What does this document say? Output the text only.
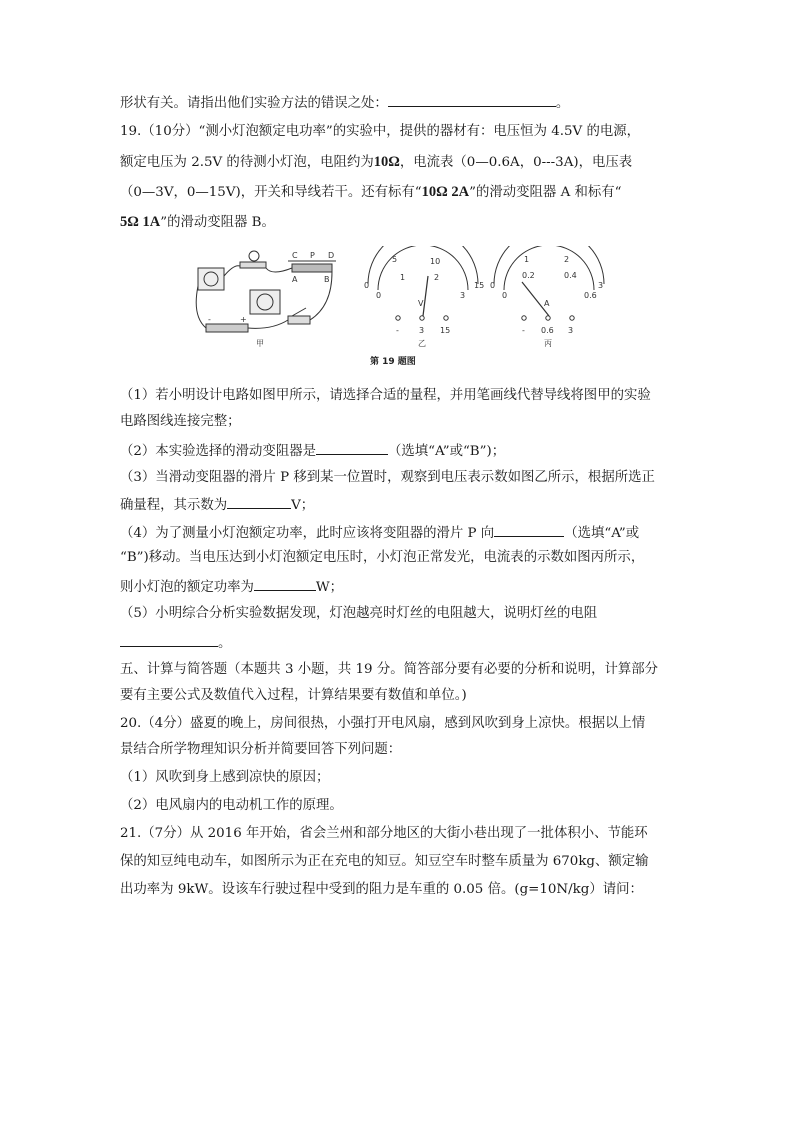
形状有关。请指出他们实验方法的错误之处：	。
19.（10分）“测小灯泡额定电功率”的实验中，提供的器材有：电压恒为 4.5V 的电源，
额定电压为 2.5V 的待测小灯泡，电阻约为10Ω，电流表（0—0.6A，0---3A)，电压表
（0—3V，0—15V)，开关和导线若干。还有标有“10Ω 2A”的滑动变阻器 A 和标有“
5Ω 1A”的滑动变阻器 B。
C P D
A	B
-	+
甲
0
5	10
15
0
1	2
3
V
-	3 15
乙
0
1	2
3
0
0.2	0.4
0.6
A
- 0.6 3
丙
第 19 题图
（1）若小明设计电路如图甲所示，请选择合适的量程，并用笔画线代替导线将图甲的实验
电路图线连接完整；
（2）本实验选择的滑动变阻器是	（选填“A”或“B”)；
（3）当滑动变阻器的滑片 P 移到某一位置时，观察到电压表示数如图乙所示，根据所选正
确量程，其示数为	V；
（4）为了测量小灯泡额定功率，此时应该将变阻器的滑片 P 向	（选填“A”或
“B”)移动。当电压达到小灯泡额定电压时，小灯泡正常发光，电流表的示数如图丙所示，
则小灯泡的额定功率为	W；
（5）小明综合分析实验数据发现，灯泡越亮时灯丝的电阻越大，说明灯丝的电阻
。
五、计算与简答题（本题共 3 小题，共 19 分。简答部分要有必要的分析和说明，计算部分
要有主要公式及数值代入过程，计算结果要有数值和单位。)
20.（4分）盛夏的晚上，房间很热，小强打开电风扇，感到风吹到身上凉快。根据以上情
景结合所学物理知识分析并简要回答下列问题：
（1）风吹到身上感到凉快的原因；
（2）电风扇内的电动机工作的原理。
21.（7分）从 2016 年开始，省会兰州和部分地区的大街小巷出现了一批体积小、节能环
保的知豆纯电动车，如图所示为正在充电的知豆。知豆空车时整车质量为 670kg、额定输
出功率为 9kW。设该车行驶过程中受到的阻力是车重的 0.05 倍。(g=10N/kg）请问：
